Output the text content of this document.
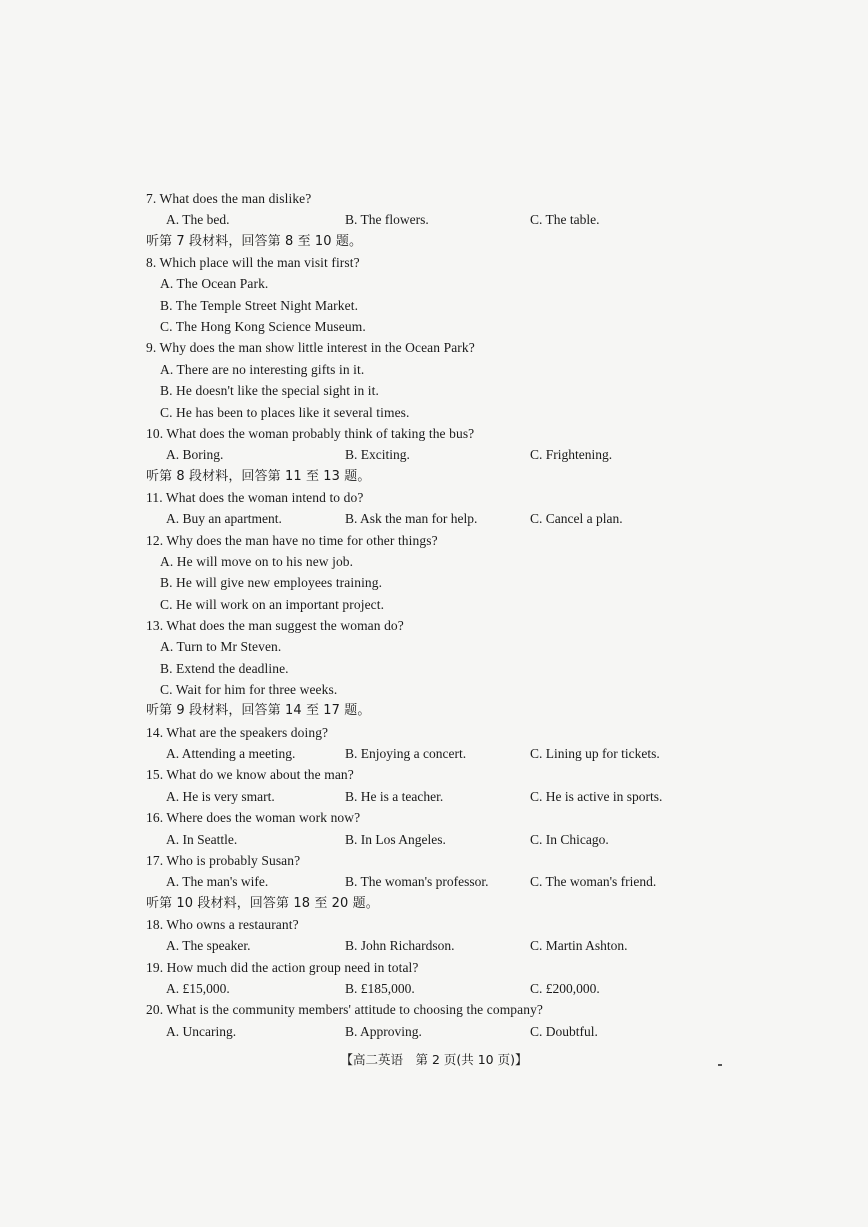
7. What does the man dislike?
A. The bed.	B. The flowers.	C. The table.
听第 7 段材料，回答第 8 至 10 题。
8. Which place will the man visit first?
A. The Ocean Park.
B. The Temple Street Night Market.
C. The Hong Kong Science Museum.
9. Why does the man show little interest in the Ocean Park?
A. There are no interesting gifts in it.
B. He doesn't like the special sight in it.
C. He has been to places like it several times.
10. What does the woman probably think of taking the bus?
A. Boring.	B. Exciting.	C. Frightening.
听第 8 段材料，回答第 11 至 13 题。
11. What does the woman intend to do?
A. Buy an apartment.	B. Ask the man for help.	C. Cancel a plan.
12. Why does the man have no time for other things?
A. He will move on to his new job.
B. He will give new employees training.
C. He will work on an important project.
13. What does the man suggest the woman do?
A. Turn to Mr Steven.
B. Extend the deadline.
C. Wait for him for three weeks.
听第 9 段材料，回答第 14 至 17 题。
14. What are the speakers doing?
A. Attending a meeting.	B. Enjoying a concert.	C. Lining up for tickets.
15. What do we know about the man?
A. He is very smart.	B. He is a teacher.	C. He is active in sports.
16. Where does the woman work now?
A. In Seattle.	B. In Los Angeles.	C. In Chicago.
17. Who is probably Susan?
A. The man's wife.	B. The woman's professor.	C. The woman's friend.
听第 10 段材料，回答第 18 至 20 题。
18. Who owns a restaurant?
A. The speaker.	B. John Richardson.	C. Martin Ashton.
19. How much did the action group need in total?
A. £15,000.	B. £185,000.	C. £200,000.
20. What is the community members' attitude to choosing the company?
A. Uncaring.	B. Approving.	C. Doubtful.
【高二英语　第 2 页(共 10 页)】
